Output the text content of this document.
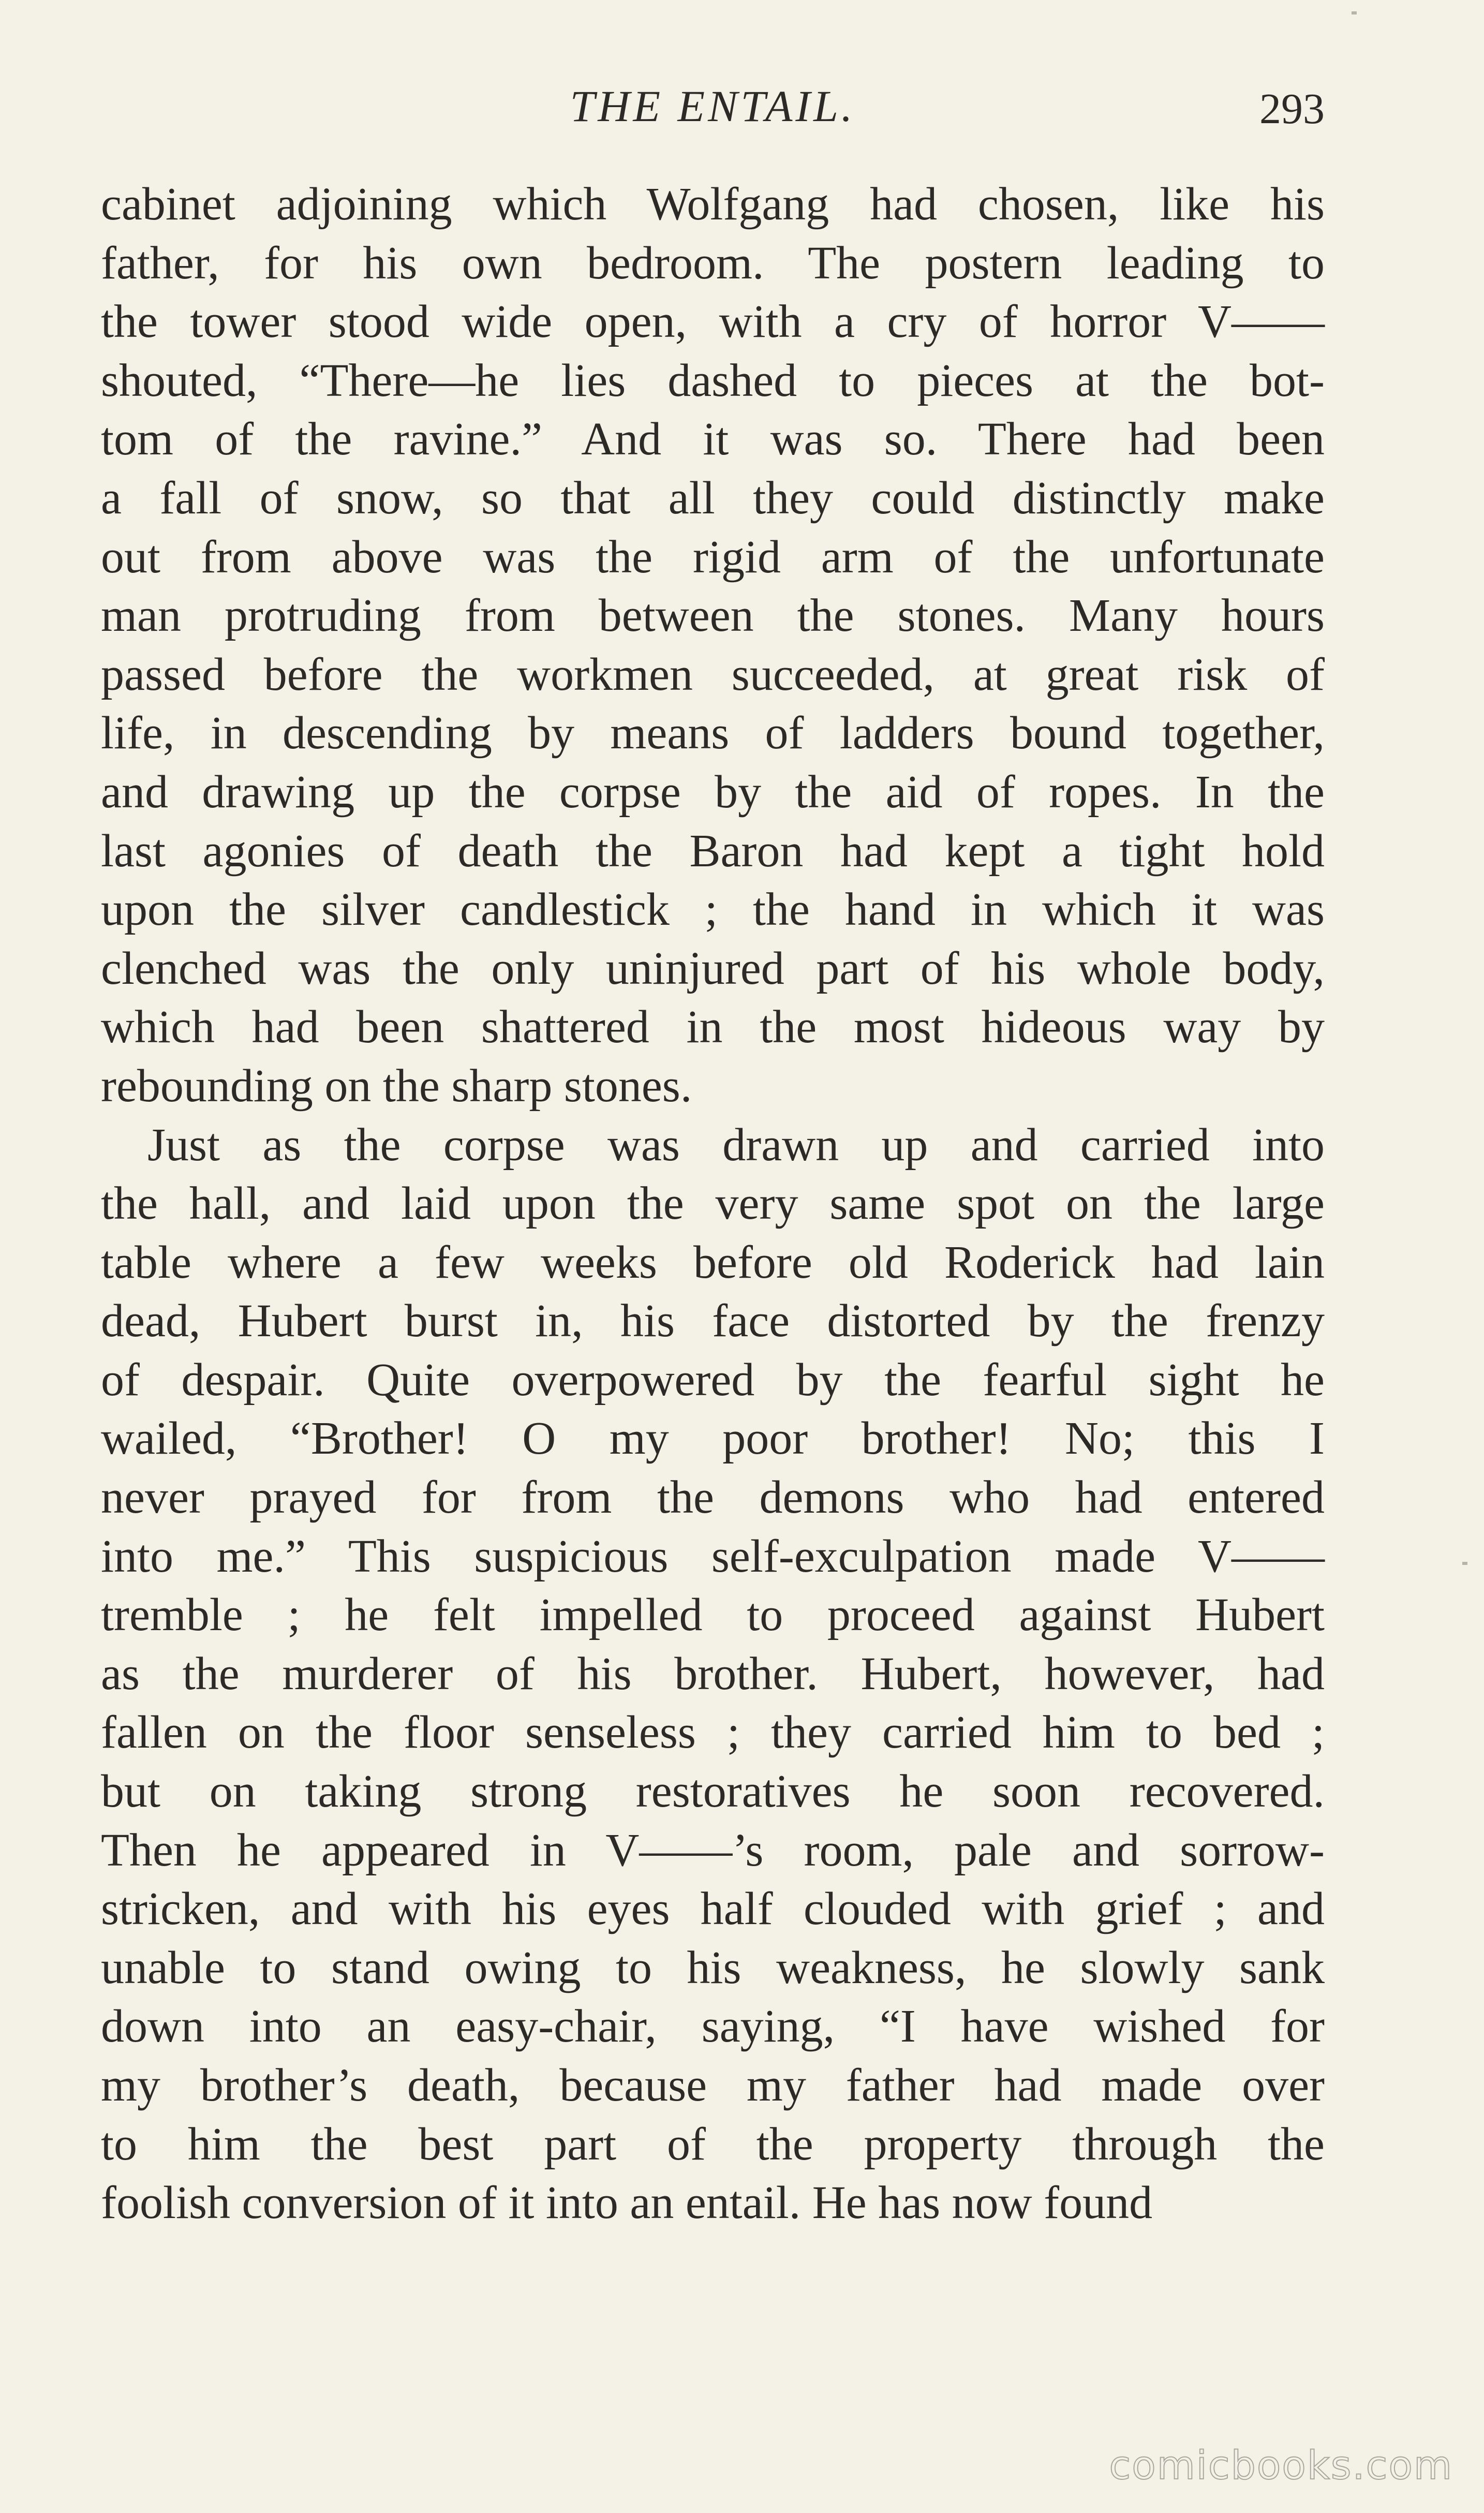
THE ENTAIL.	293
cabinet adjoining which Wolfgang had chosen, like his
father, for his own bedroom. The postern leading to
the tower stood wide open, with a cry of horror V——
shouted, “There—he lies dashed to pieces at the bot-
tom of the ravine.” And it was so. There had been
a fall of snow, so that all they could distinctly make
out from above was the rigid arm of the unfortunate
man protruding from between the stones. Many hours
passed before the workmen succeeded, at great risk of
life, in descending by means of ladders bound together,
and drawing up the corpse by the aid of ropes. In the
last agonies of death the Baron had kept a tight hold
upon the silver candlestick ; the hand in which it was
clenched was the only uninjured part of his whole body,
which had been shattered in the most hideous way by
rebounding on the sharp stones.
Just as the corpse was drawn up and carried into
the hall, and laid upon the very same spot on the large
table where a few weeks before old Roderick had lain
dead, Hubert burst in, his face distorted by the frenzy
of despair. Quite overpowered by the fearful sight he
wailed, “Brother! O my poor brother! No; this I
never prayed for from the demons who had entered
into me.” This suspicious self-exculpation made V——
tremble ; he felt impelled to proceed against Hubert
as the murderer of his brother. Hubert, however, had
fallen on the floor senseless ; they carried him to bed ;
but on taking strong restoratives he soon recovered.
Then he appeared in V——’s room, pale and sorrow-
stricken, and with his eyes half clouded with grief ; and
unable to stand owing to his weakness, he slowly sank
down into an easy-chair, saying, “I have wished for
my brother’s death, because my father had made over
to him the best part of the property through the
foolish conversion of it into an entail. He has now found
comicbooks.com
